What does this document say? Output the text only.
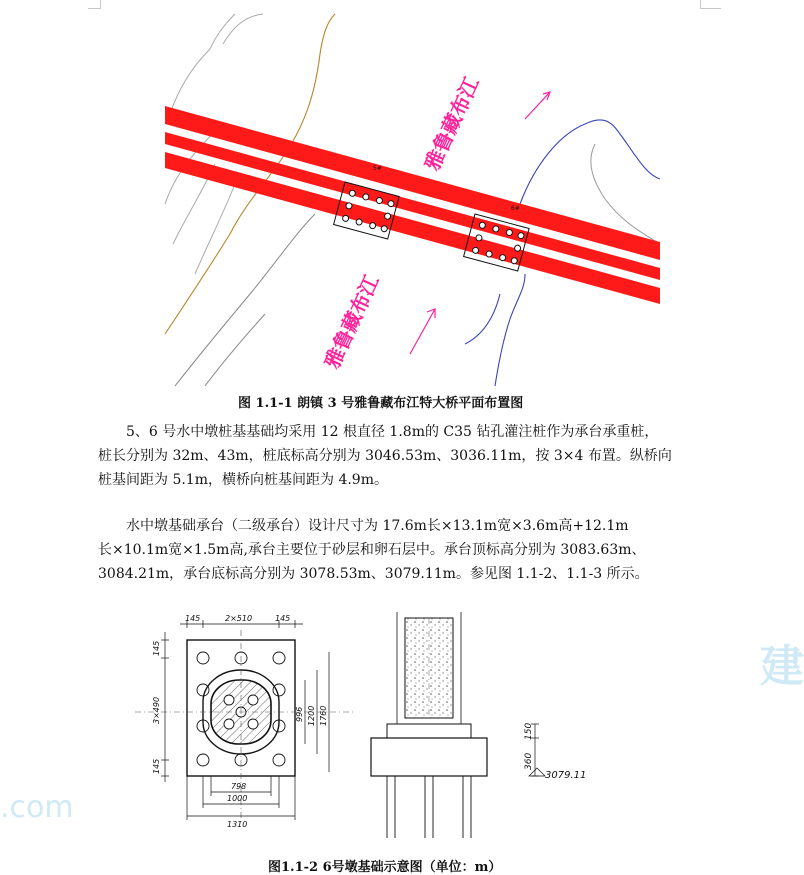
5#
6#
雅鲁藏布江
雅鲁藏布江
图 1.1-1 朗镇 3 号雅鲁藏布江特大桥平面布置图

5、6 号水中墩桩基基础均采用 12 根直径 1.8m的 C35 钻孔灌注桩作为承台承重桩，
桩长分别为 32m、43m，桩底标高分别为 3046.53m、3036.11m，按 3×4 布置。纵桥向
桩基间距为 5.1m，横桥向桩基间距为 4.9m。

水中墩基础承台（二级承台）设计尺寸为 17.6m长×13.1m宽×3.6m高+12.1m
长×10.1m宽×1.5m高,承台主要位于砂层和卵石层中。承台顶标高分别为 3083.63m、
3084.21m，承台底标高分别为 3078.53m、3079.11m。参见图 1.1-2、1.1-3 所示。

145	2×510	145
145
3×490
145
996 1200 1760
798
1000
1310
150
360
3079.11
图1.1-2 6号墩基础示意图（单位：m）
建
.com
